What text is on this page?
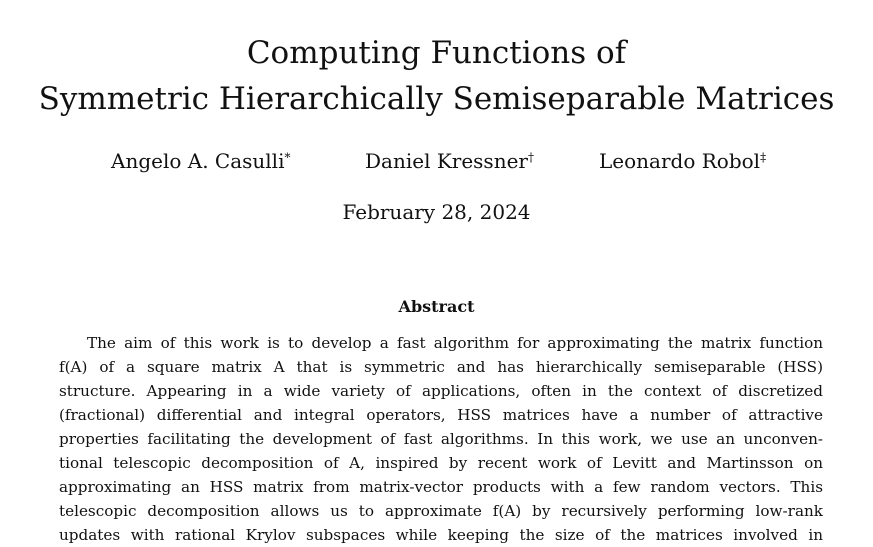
Computing Functions of
Symmetric Hierarchically Semiseparable Matrices
Angelo A. Casulli*	Daniel Kressner†	Leonardo Robol‡
February 28, 2024
Abstract
The aim of this work is to develop a fast algorithm for approximating the matrix function
f(A) of a square matrix A that is symmetric and has hierarchically semiseparable (HSS)
structure. Appearing in a wide variety of applications, often in the context of discretized
(fractional) differential and integral operators, HSS matrices have a number of attractive
properties facilitating the development of fast algorithms. In this work, we use an unconven-
tional telescopic decomposition of A, inspired by recent work of Levitt and Martinsson on
approximating an HSS matrix from matrix-vector products with a few random vectors. This
telescopic decomposition allows us to approximate f(A) by recursively performing low-rank
updates with rational Krylov subspaces while keeping the size of the matrices involved in
